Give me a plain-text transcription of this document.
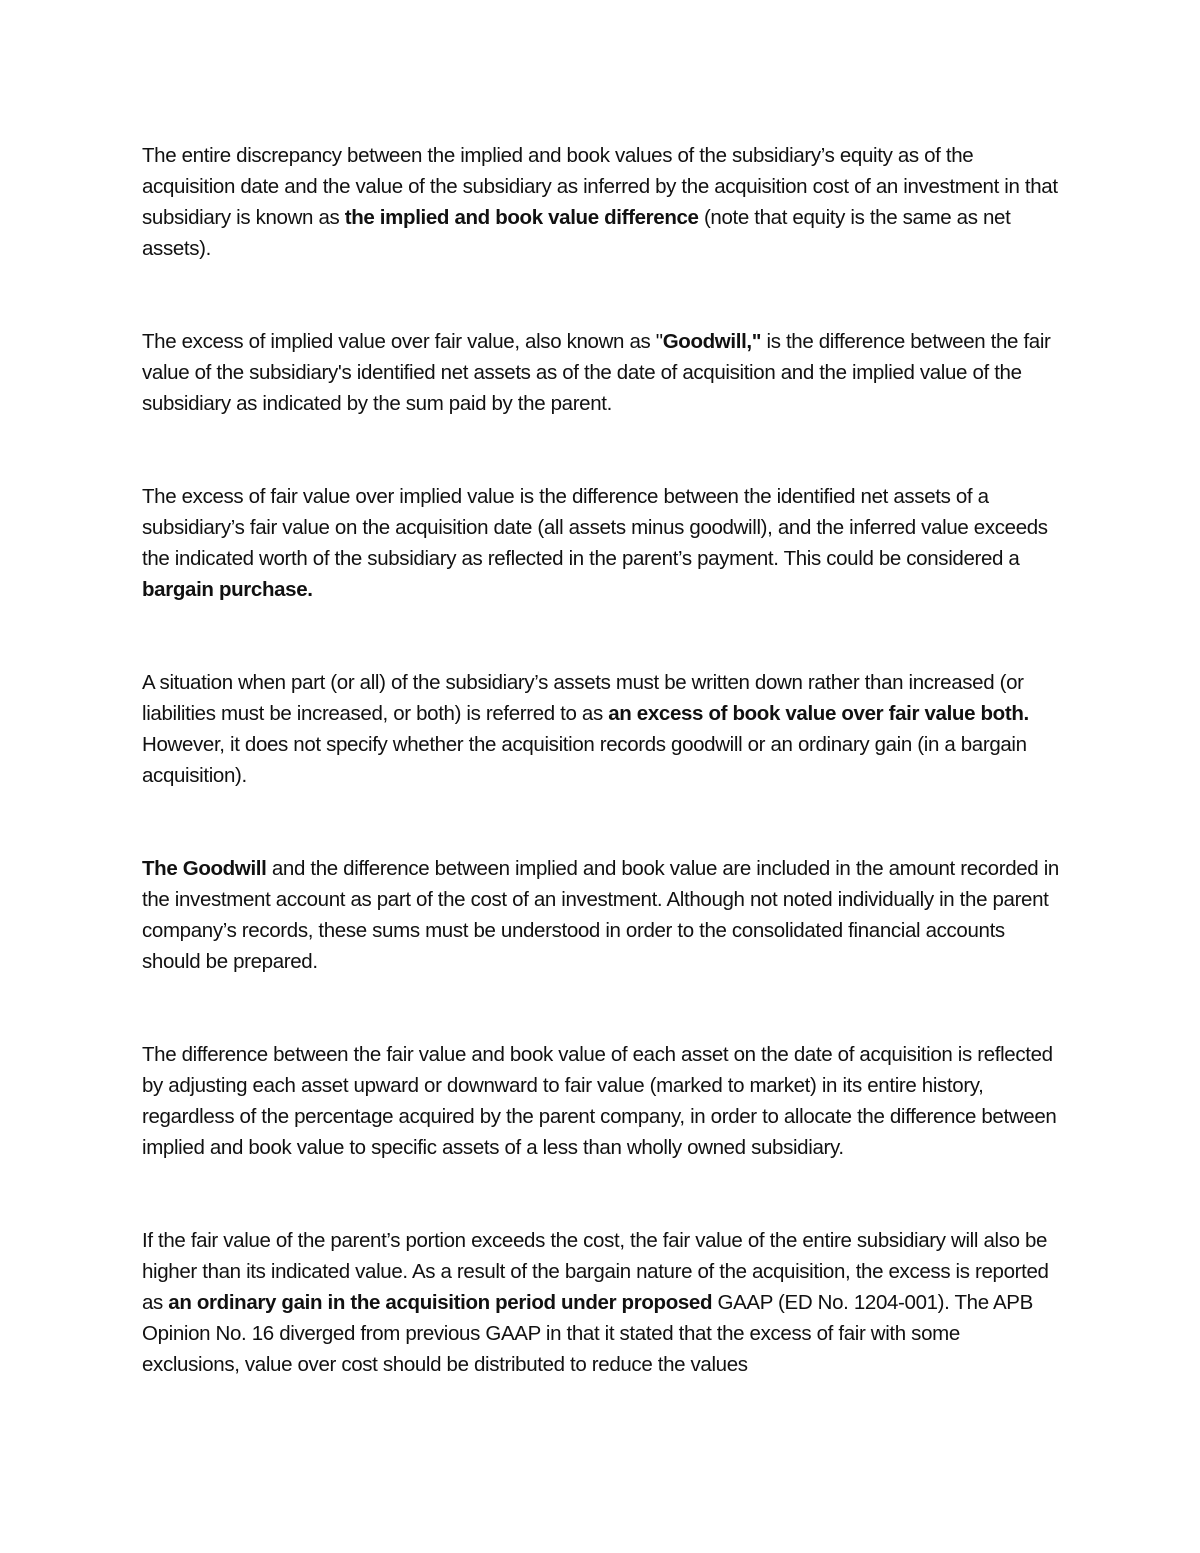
The entire discrepancy between the implied and book values of the subsidiary’s equity as of the acquisition date and the value of the subsidiary as inferred by the acquisition cost of an investment in that subsidiary is known as the implied and book value difference (note that equity is the same as net assets).

The excess of implied value over fair value, also known as "Goodwill," is the difference between the fair value of the subsidiary's identified net assets as of the date of acquisition and the implied value of the subsidiary as indicated by the sum paid by the parent.

The excess of fair value over implied value is the difference between the identified net assets of a subsidiary’s fair value on the acquisition date (all assets minus goodwill), and the inferred value exceeds the indicated worth of the subsidiary as reflected in the parent’s payment. This could be considered a bargain purchase.

A situation when part (or all) of the subsidiary’s assets must be written down rather than increased (or liabilities must be increased, or both) is referred to as an excess of book value over fair value both. However, it does not specify whether the acquisition records goodwill or an ordinary gain (in a bargain acquisition).

The Goodwill and the difference between implied and book value are included in the amount recorded in the investment account as part of the cost of an investment. Although not noted individually in the parent company’s records, these sums must be understood in order to the consolidated financial accounts should be prepared.

The difference between the fair value and book value of each asset on the date of acquisition is reflected by adjusting each asset upward or downward to fair value (marked to market) in its entire history, regardless of the percentage acquired by the parent company, in order to allocate the difference between implied and book value to specific assets of a less than wholly owned subsidiary.

If the fair value of the parent’s portion exceeds the cost, the fair value of the entire subsidiary will also be higher than its indicated value. As a result of the bargain nature of the acquisition, the excess is reported as an ordinary gain in the acquisition period under proposed GAAP (ED No. 1204-001). The APB Opinion No. 16 diverged from previous GAAP in that it stated that the excess of fair with some exclusions, value over cost should be distributed to reduce the values
